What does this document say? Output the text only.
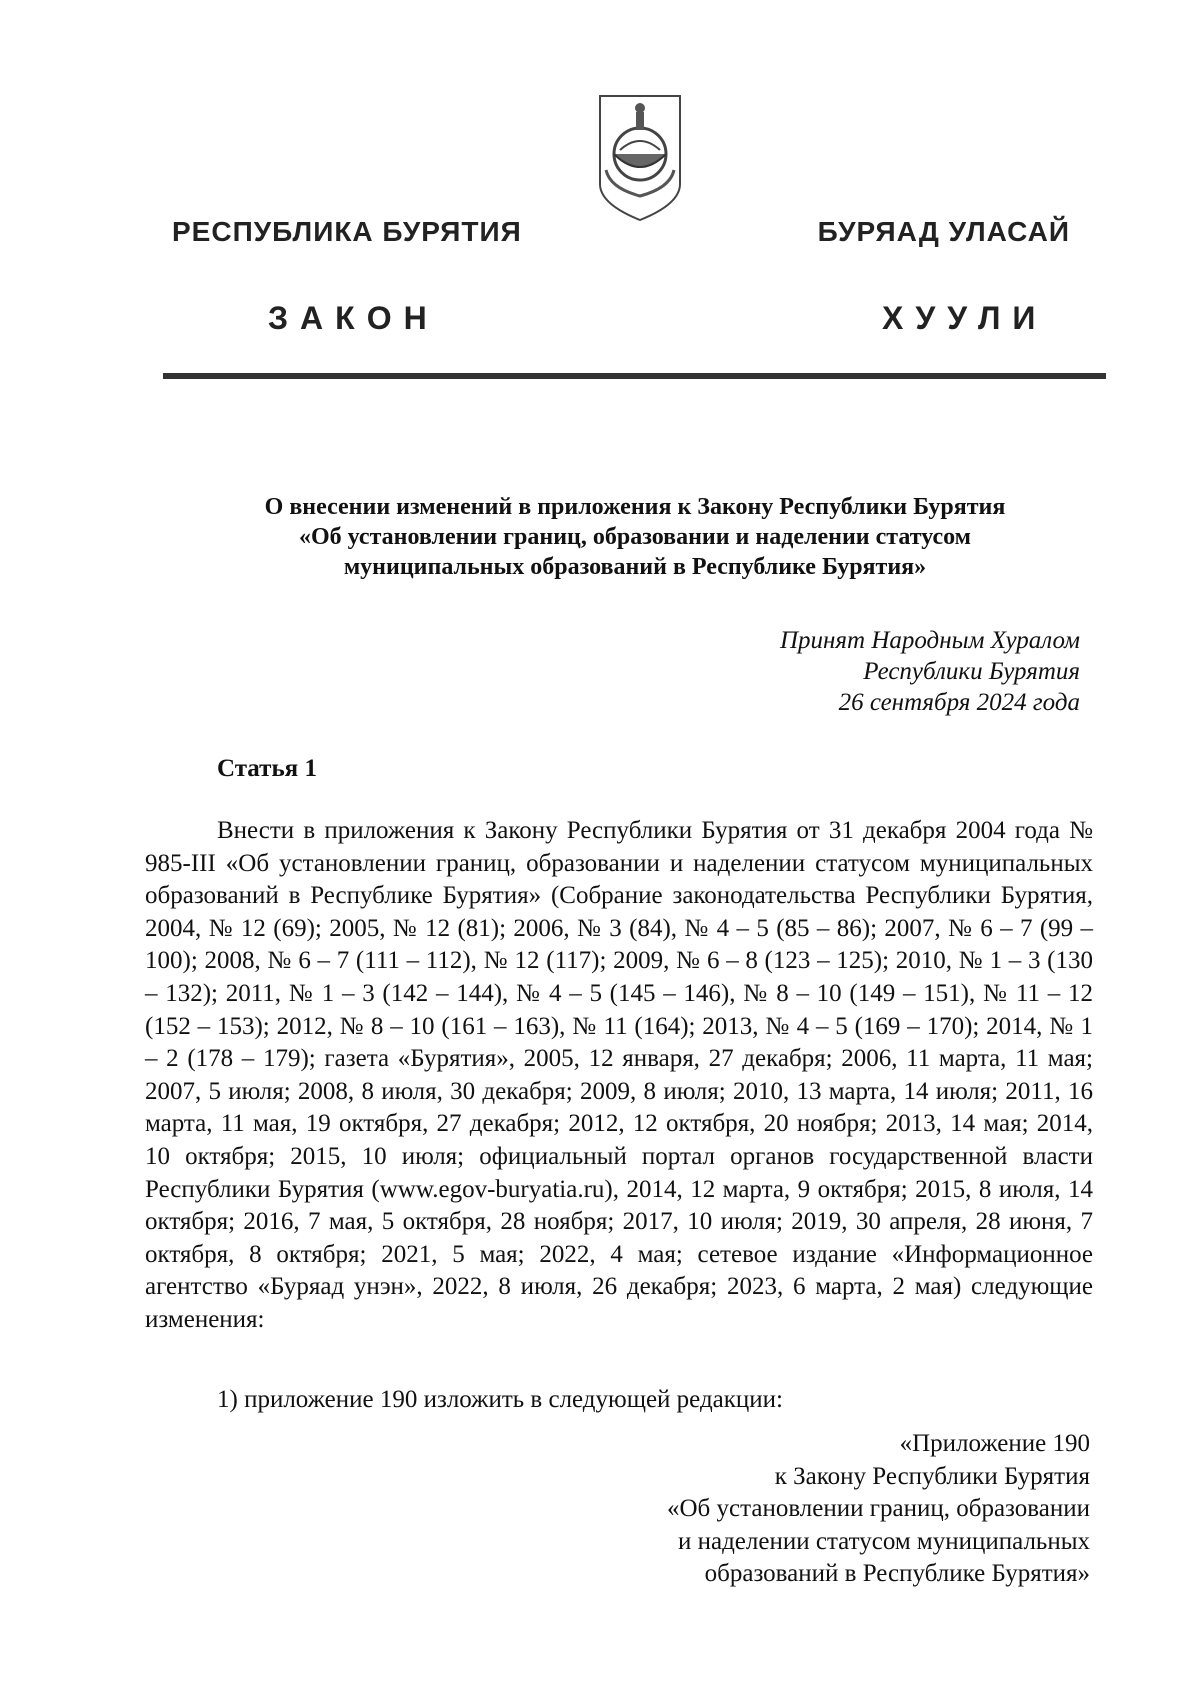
РЕСПУБЛИКА БУРЯТИЯ	БУРЯАД УЛАСАЙ
ЗАКОН	ХУУЛИ
О внесении изменений в приложения к Закону Республики Бурятия
«Об установлении границ, образовании и наделении статусом
муниципальных образований в Республике Бурятия»
Принят Народным Хуралом
Республики Бурятия
26 сентября 2024 года
Статья 1

Внести в приложения к Закону Республики Бурятия от 31 декабря 2004 года № 985-III «Об установлении границ, образовании и наделении статусом муниципальных образований в Республике Бурятия» (Собрание законодательства Республики Бурятия, 2004, № 12 (69); 2005, № 12 (81); 2006, № 3 (84), № 4 – 5 (85 – 86); 2007, № 6 – 7 (99 – 100); 2008, № 6 – 7 (111 – 112), № 12 (117); 2009, № 6 – 8 (123 – 125); 2010, № 1 – 3 (130 – 132); 2011, № 1 – 3 (142 – 144), № 4 – 5 (145 – 146), № 8 – 10 (149 – 151), № 11 – 12 (152 – 153); 2012, № 8 – 10 (161 – 163), № 11 (164); 2013, № 4 – 5 (169 – 170); 2014, № 1 – 2 (178 – 179); газета «Бурятия», 2005, 12 января, 27 декабря; 2006, 11 марта, 11 мая; 2007, 5 июля; 2008, 8 июля, 30 декабря; 2009, 8 июля; 2010, 13 марта, 14 июля; 2011, 16 марта, 11 мая, 19 октября, 27 декабря; 2012, 12 октября, 20 ноября; 2013, 14 мая; 2014, 10 октября; 2015, 10 июля; официальный портал органов государственной власти Республики Бурятия (www.egov-buryatia.ru), 2014, 12 марта, 9 октября; 2015, 8 июля, 14 октября; 2016, 7 мая, 5 октября, 28 ноября; 2017, 10 июля; 2019, 30 апреля, 28 июня, 7 октября, 8 октября; 2021, 5 мая; 2022, 4 мая; сетевое издание «Информационное агентство «Буряад унэн», 2022, 8 июля, 26 декабря; 2023, 6 марта, 2 мая) следующие изменения:

1) приложение 190 изложить в следующей редакции:
«Приложение 190
к Закону Республики Бурятия
«Об установлении границ, образовании
и наделении статусом муниципальных
образований в Республике Бурятия»
